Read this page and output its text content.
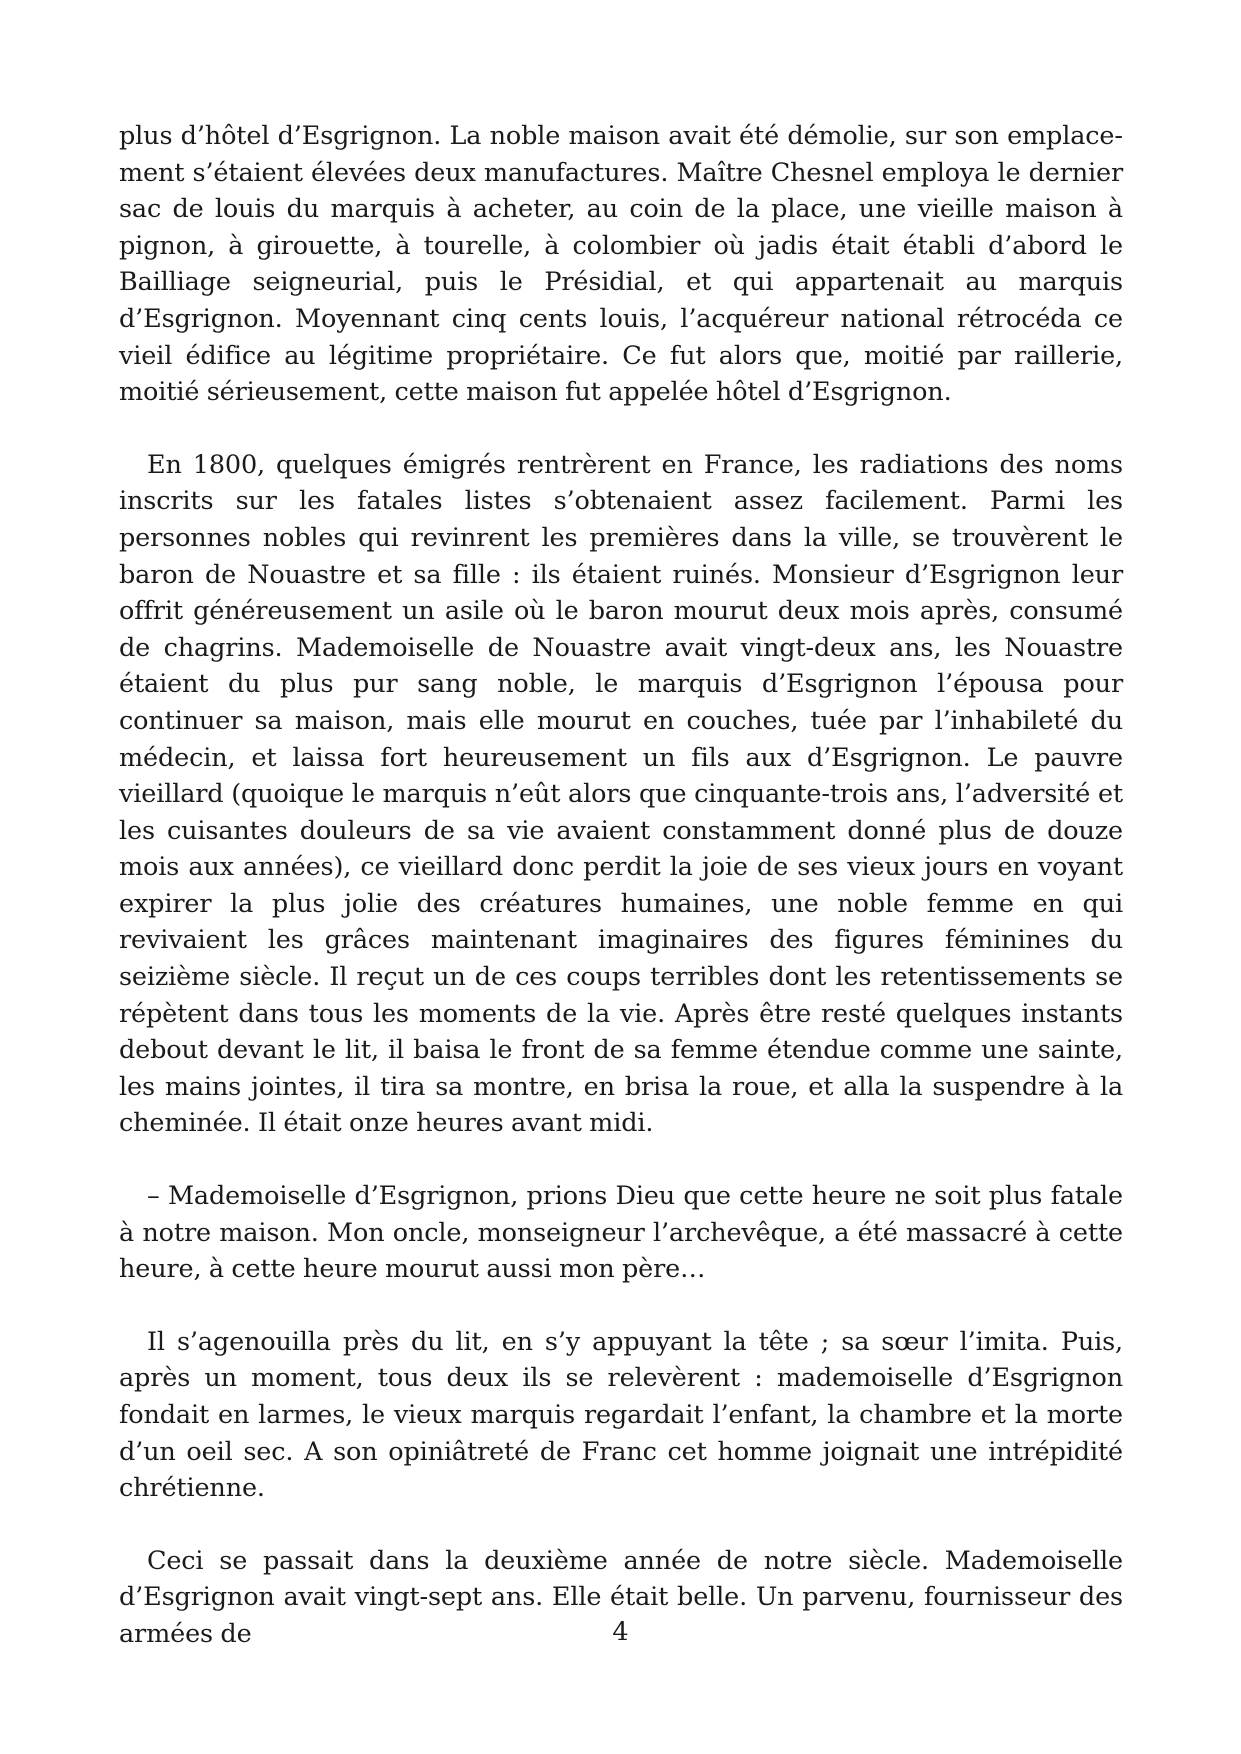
plus d’hôtel d’Esgrignon. La noble maison avait été démolie, sur son emplacement s’étaient élevées deux manufactures. Maître Chesnel employa le dernier sac de louis du marquis à acheter, au coin de la place, une vieille maison à pignon, à girouette, à tourelle, à colombier où jadis était établi d’abord le Bailliage seigneurial, puis le Présidial, et qui appartenait au marquis d’Esgrignon. Moyennant cinq cents louis, l’acquéreur national rétrocéda ce vieil édifice au légitime propriétaire. Ce fut alors que, moitié par raillerie, moitié sérieusement, cette maison fut appelée hôtel d’Esgrignon.

En 1800, quelques émigrés rentrèrent en France, les radiations des noms inscrits sur les fatales listes s’obtenaient assez facilement. Parmi les personnes nobles qui revinrent les premières dans la ville, se trouvèrent le baron de Nouastre et sa fille : ils étaient ruinés. Monsieur d’Esgrignon leur offrit généreusement un asile où le baron mourut deux mois après, consumé de chagrins. Mademoiselle de Nouastre avait vingt-deux ans, les Nouastre étaient du plus pur sang noble, le marquis d’Esgrignon l’épousa pour continuer sa maison, mais elle mourut en couches, tuée par l’inhabileté du médecin, et laissa fort heureusement un fils aux d’Esgrignon. Le pauvre vieillard (quoique le marquis n’eût alors que cinquante-trois ans, l’adversité et les cuisantes douleurs de sa vie avaient constamment donné plus de douze mois aux années), ce vieillard donc perdit la joie de ses vieux jours en voyant expirer la plus jolie des créatures humaines, une noble femme en qui revivaient les grâces maintenant imaginaires des figures féminines du seizième siècle. Il reçut un de ces coups terribles dont les retentissements se répètent dans tous les moments de la vie. Après être resté quelques instants debout devant le lit, il baisa le front de sa femme étendue comme une sainte, les mains jointes, il tira sa montre, en brisa la roue, et alla la suspendre à la cheminée. Il était onze heures avant midi.

– Mademoiselle d’Esgrignon, prions Dieu que cette heure ne soit plus fatale à notre maison. Mon oncle, monseigneur l’archevêque, a été massacré à cette heure, à cette heure mourut aussi mon père…

Il s’agenouilla près du lit, en s’y appuyant la tête ; sa sœur l’imita. Puis, après un moment, tous deux ils se relevèrent : mademoiselle d’Esgrignon fondait en larmes, le vieux marquis regardait l’enfant, la chambre et la morte d’un oeil sec. A son opiniâtreté de Franc cet homme joignait une intrépidité chrétienne.

Ceci se passait dans la deuxième année de notre siècle. Mademoiselle d’Esgrignon avait vingt-sept ans. Elle était belle. Un parvenu, fournisseur des armées de	4
